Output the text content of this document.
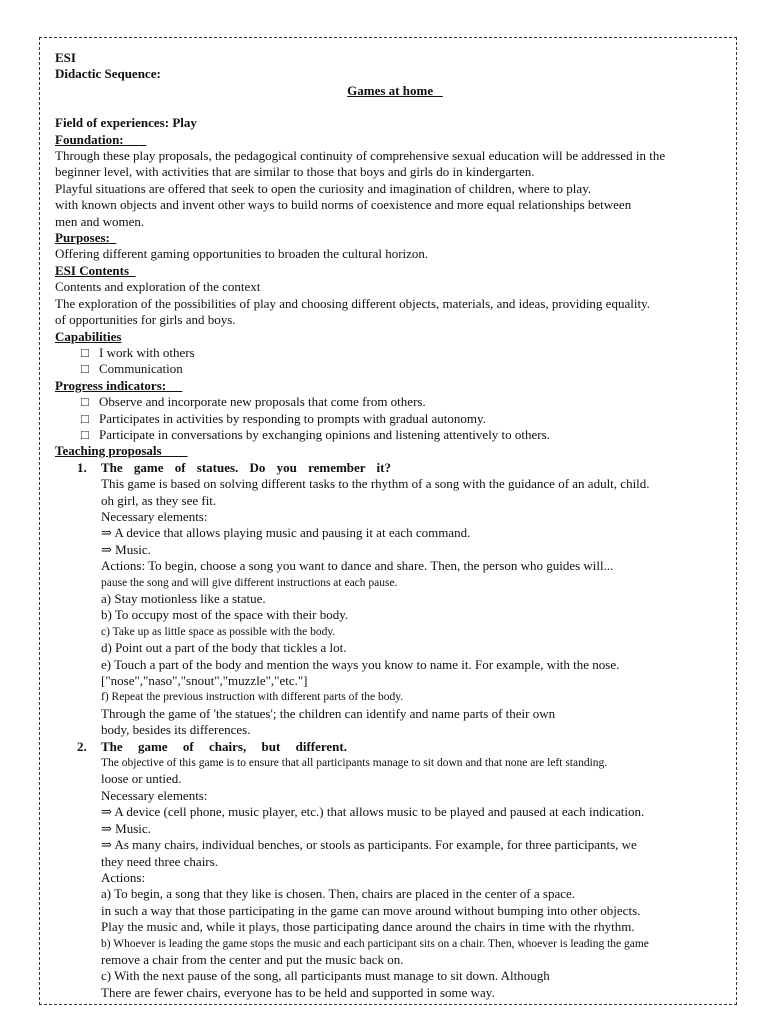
ESI
Didactic Sequence:
Games at home
Field of experiences: Play
Foundation:
Through these play proposals, the pedagogical continuity of comprehensive sexual education will be addressed in the
beginner level, with activities that are similar to those that boys and girls do in kindergarten.
Playful situations are offered that seek to open the curiosity and imagination of children, where to play.
with known objects and invent other ways to build norms of coexistence and more equal relationships between
men and women.
Purposes:
Offering different gaming opportunities to broaden the cultural horizon.
ESI Contents
Contents and exploration of the context
The exploration of the possibilities of play and choosing different objects, materials, and ideas, providing equality.
of opportunities for girls and boys.
Capabilities
□ I work with others
□ Communication
Progress indicators:
□ Observe and incorporate new proposals that come from others.
□ Participates in activities by responding to prompts with gradual autonomy.
□ Participate in conversations by exchanging opinions and listening attentively to others.
Teaching proposals
1. The game of statues. Do you remember it?
This game is based on solving different tasks to the rhythm of a song with the guidance of an adult, child.
oh girl, as they see fit.
Necessary elements:
⇒ A device that allows playing music and pausing it at each command.
⇒ Music.
Actions: To begin, choose a song you want to dance and share. Then, the person who guides will...
pause the song and will give different instructions at each pause.
a) Stay motionless like a statue.
b) To occupy most of the space with their body.
c) Take up as little space as possible with the body.
d) Point out a part of the body that tickles a lot.
e) Touch a part of the body and mention the ways you know to name it. For example, with the nose.
["nose","naso","snout","muzzle","etc."]
f) Repeat the previous instruction with different parts of the body.
Through the game of 'the statues'; the children can identify and name parts of their own
body, besides its differences.
2. The game of chairs, but different.
The objective of this game is to ensure that all participants manage to sit down and that none are left standing.
loose or untied.
Necessary elements:
⇒ A device (cell phone, music player, etc.) that allows music to be played and paused at each indication.
⇒ Music.
⇒ As many chairs, individual benches, or stools as participants. For example, for three participants, we
they need three chairs.
Actions:
a) To begin, a song that they like is chosen. Then, chairs are placed in the center of a space.
in such a way that those participating in the game can move around without bumping into other objects.
Play the music and, while it plays, those participating dance around the chairs in time with the rhythm.
b) Whoever is leading the game stops the music and each participant sits on a chair. Then, whoever is leading the game
remove a chair from the center and put the music back on.
c) With the next pause of the song, all participants must manage to sit down. Although
There are fewer chairs, everyone has to be held and supported in some way.
